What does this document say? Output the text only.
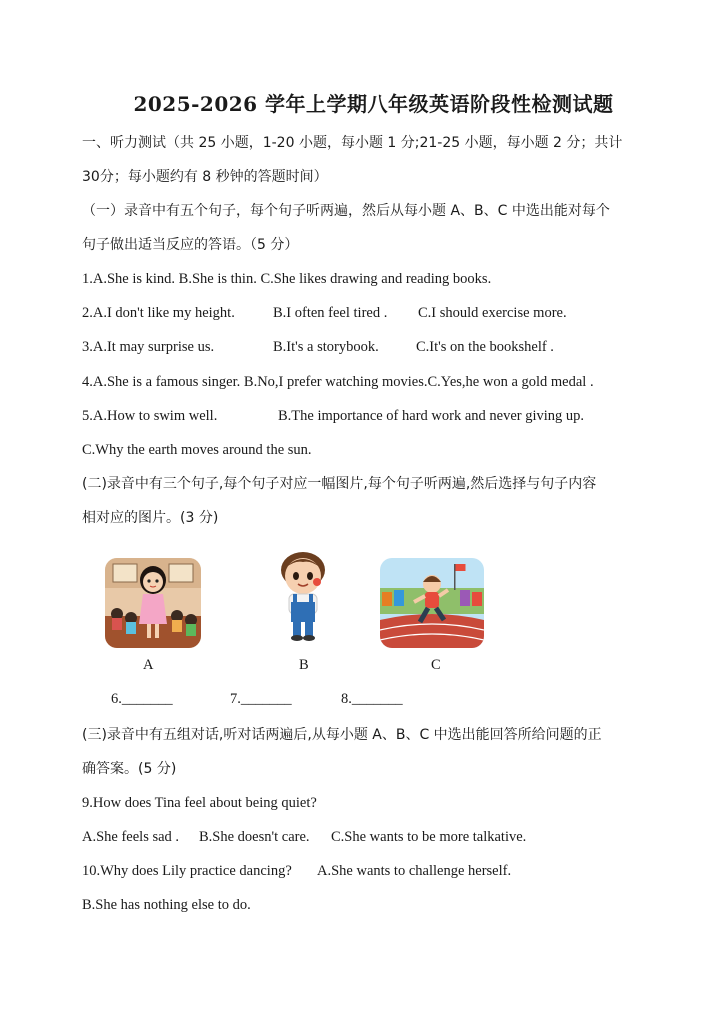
2025-2026 学年上学期八年级英语阶段性检测试题
一、听力测试（共 25 小题，1-20 小题，每小题 1 分;21-25 小题，每小题 2 分；共计
30分；每小题约有 8 秒钟的答题时间）
（一）录音中有五个句子，每个句子听两遍，然后从每小题 A、B、C 中选出能对每个
句子做出适当反应的答语。（5 分）
1.A.She is kind. B.She is thin. C.She likes drawing and reading books.
2.A.I don't like my height.	B.I often feel tired . C.I should exercise more.
3.A.It may surprise us.	B.It's a storybook.	C.It's on the bookshelf .
4.A.She is a famous singer. B.No,I prefer watching movies.C.Yes,he won a gold medal .
5.A.How to swim well.	B.The importance of hard work and never giving up.
C.Why the earth moves around the sun.
(二)录音中有三个句子,每个句子对应一幅图片,每个句子听两遍,然后选择与句子内容
相对应的图片。(3 分)
A	B	C
6._______	7._______	8._______
(三)录音中有五组对话,听对话两遍后,从每小题 A、B、C 中选出能回答所给问题的正
确答案。(5 分)
9.How does Tina feel about being quiet?
A.She feels sad . B.She doesn't care. C.She wants to be more talkative.
10.Why does Lily practice dancing? A.She wants to challenge herself.
B.She has nothing else to do.
